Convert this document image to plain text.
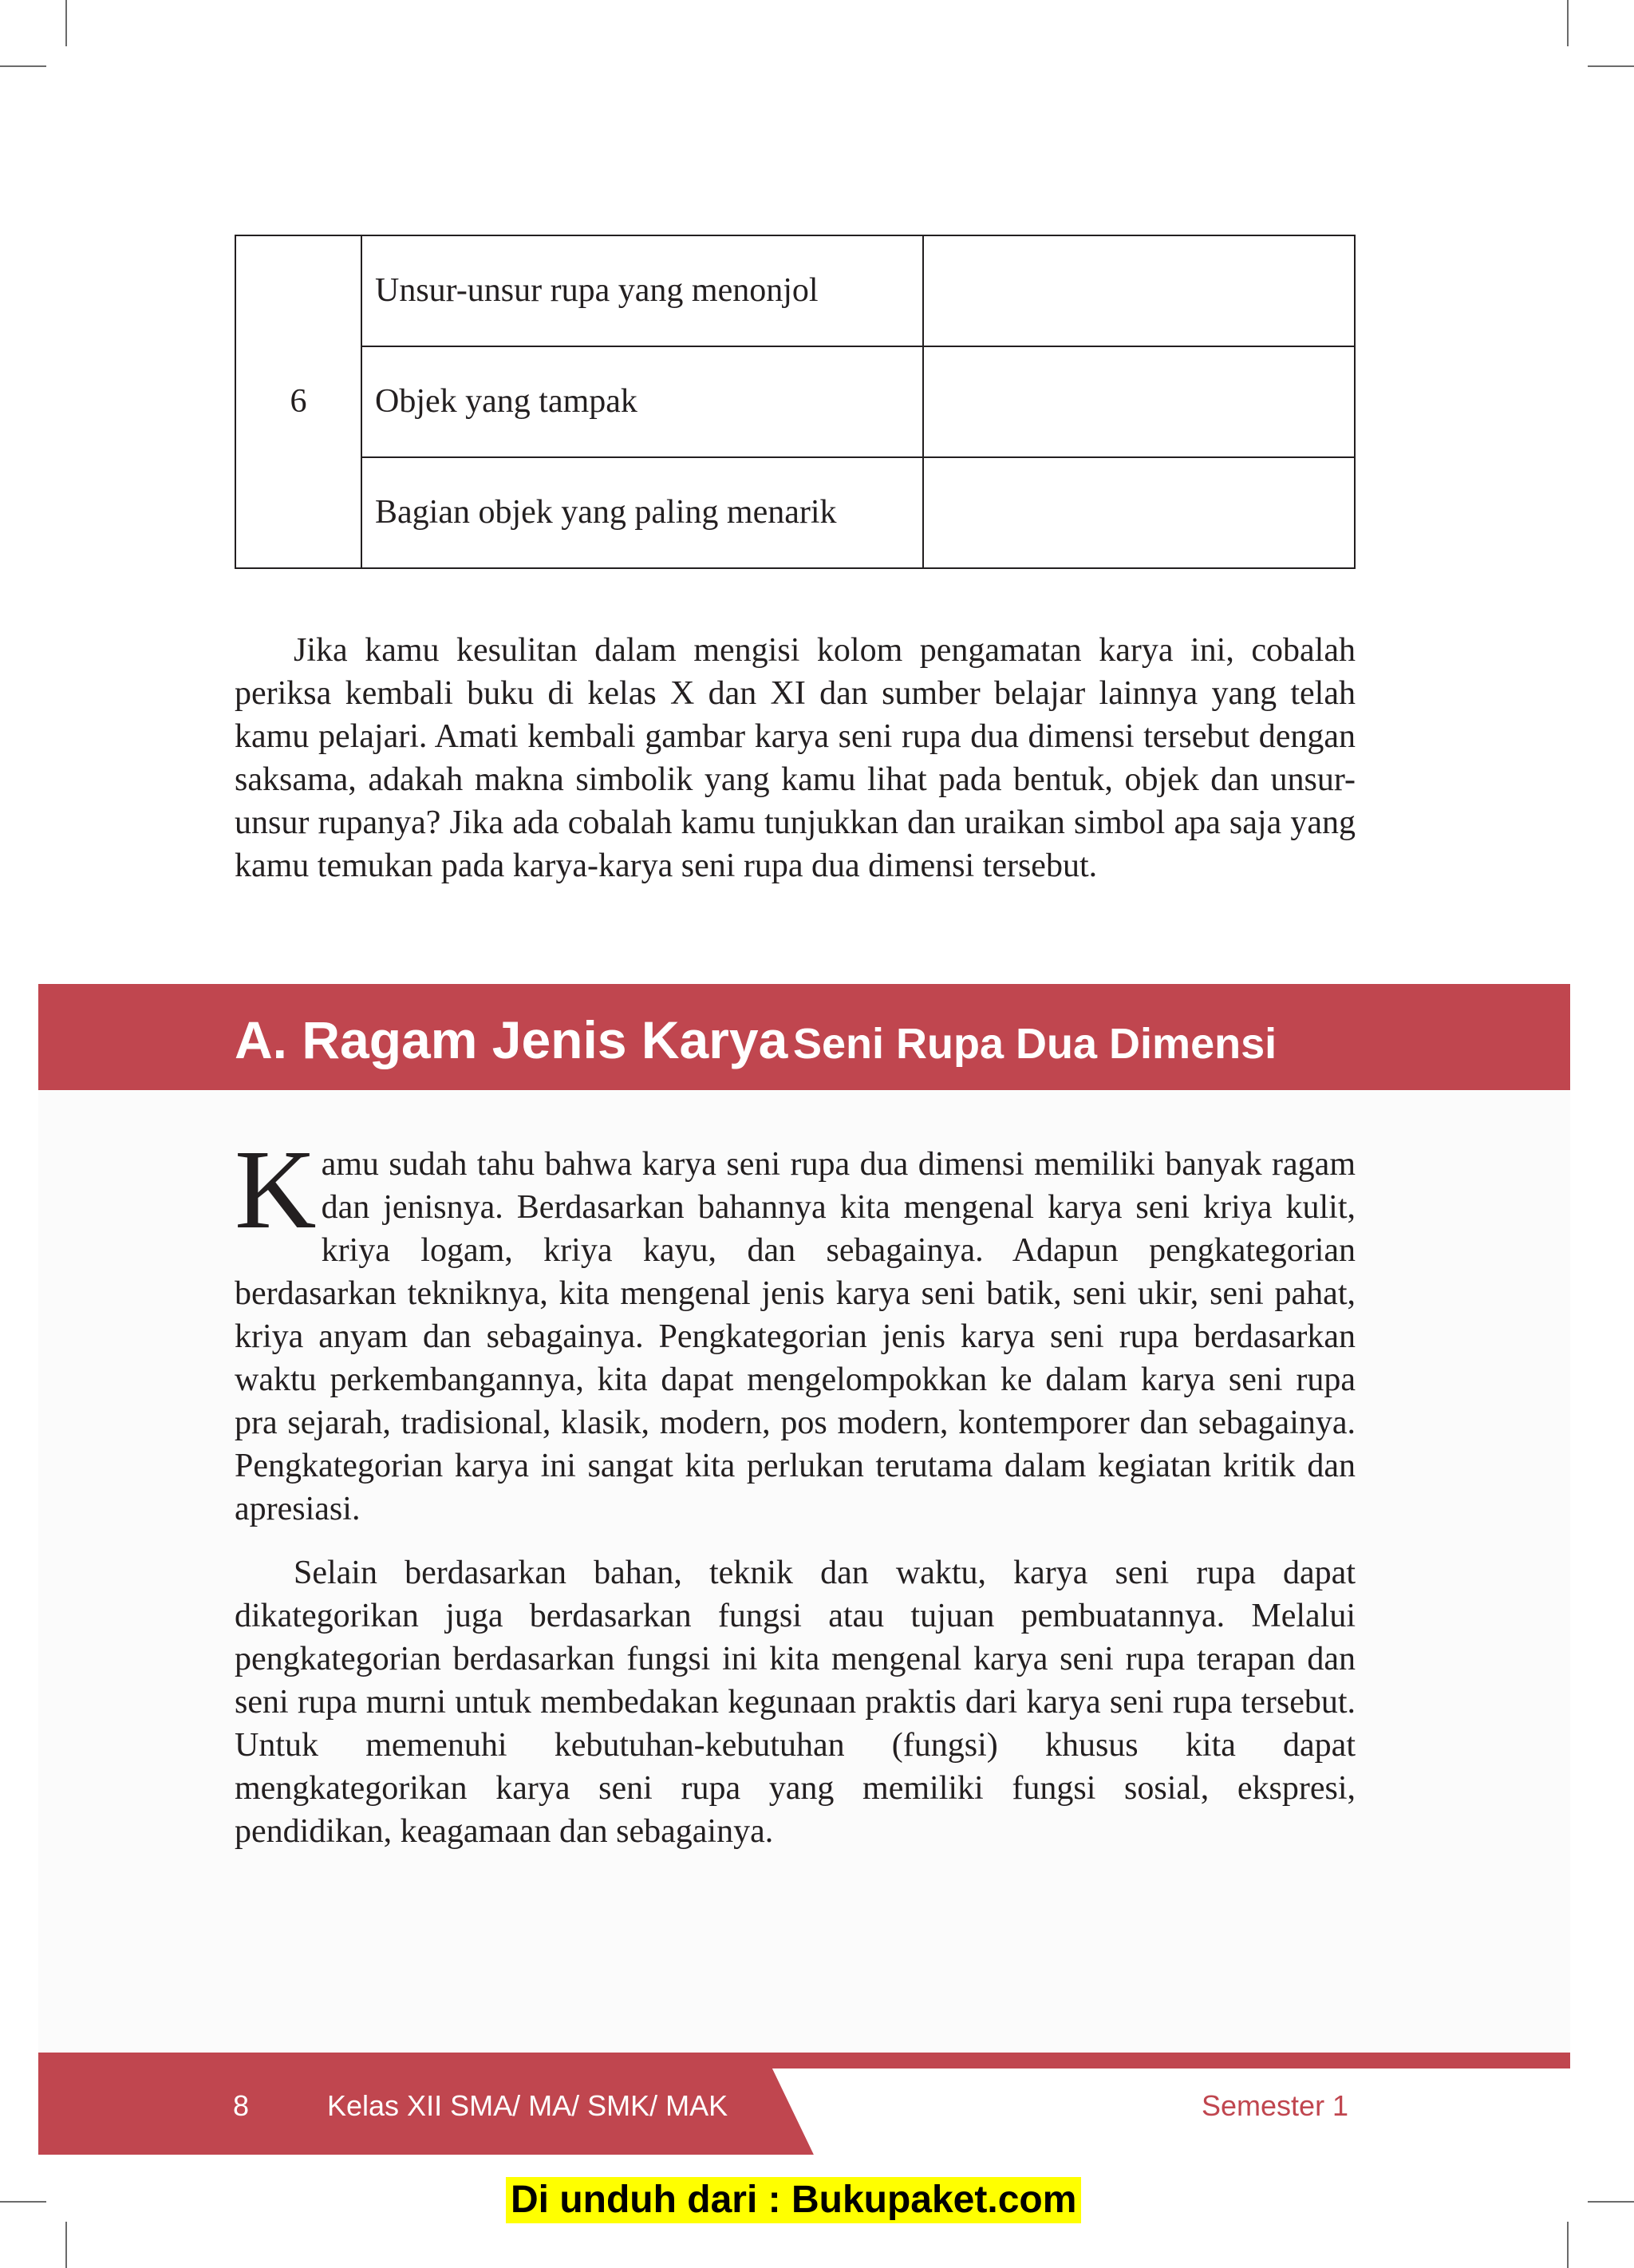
6	Unsur-unsur rupa yang menonjol	
	Objek yang tampak	
	Bagian objek yang paling menarik	

Jika kamu kesulitan dalam mengisi kolom pengamatan karya ini, cobalah periksa kembali buku di kelas X dan XI dan sumber belajar lainnya yang telah kamu pelajari. Amati kembali gambar karya seni rupa dua dimensi tersebut dengan saksama, adakah makna simbolik yang kamu lihat pada bentuk, objek dan unsur-unsur rupanya? Jika ada cobalah kamu tunjukkan dan uraikan simbol apa saja yang kamu temukan pada karya-karya seni rupa dua dimensi tersebut.

A. Ragam Jenis Karya Seni Rupa Dua Dimensi
Kamu sudah tahu bahwa karya seni rupa dua dimensi memiliki banyak ragam dan jenisnya. Berdasarkan bahannya kita mengenal karya seni kriya kulit, kriya logam, kriya kayu, dan sebagainya. Adapun pengkategorian berdasarkan tekniknya, kita mengenal jenis karya seni batik, seni ukir, seni pahat, kriya anyam dan sebagainya. Pengkategorian jenis karya seni rupa berdasarkan waktu perkembangannya, kita dapat mengelompokkan ke dalam karya seni rupa pra sejarah, tradisional, klasik, modern, pos modern, kontemporer dan sebagainya. Pengkategorian karya ini sangat kita perlukan terutama dalam kegiatan kritik dan apresiasi.

Selain berdasarkan bahan, teknik dan waktu, karya seni rupa dapat dikategorikan juga berdasarkan fungsi atau tujuan pembuatannya. Melalui pengkategorian berdasarkan fungsi ini kita mengenal karya seni rupa terapan dan seni rupa murni untuk membedakan kegunaan praktis dari karya seni rupa tersebut. Untuk memenuhi kebutuhan-kebutuhan (fungsi) khusus kita dapat mengkategorikan karya seni rupa yang memiliki fungsi sosial, ekspresi, pendidikan, keagamaan dan sebagainya.

8	Kelas XII SMA/ MA/ SMK/ MAK	Semester 1
Di unduh dari : Bukupaket.com
